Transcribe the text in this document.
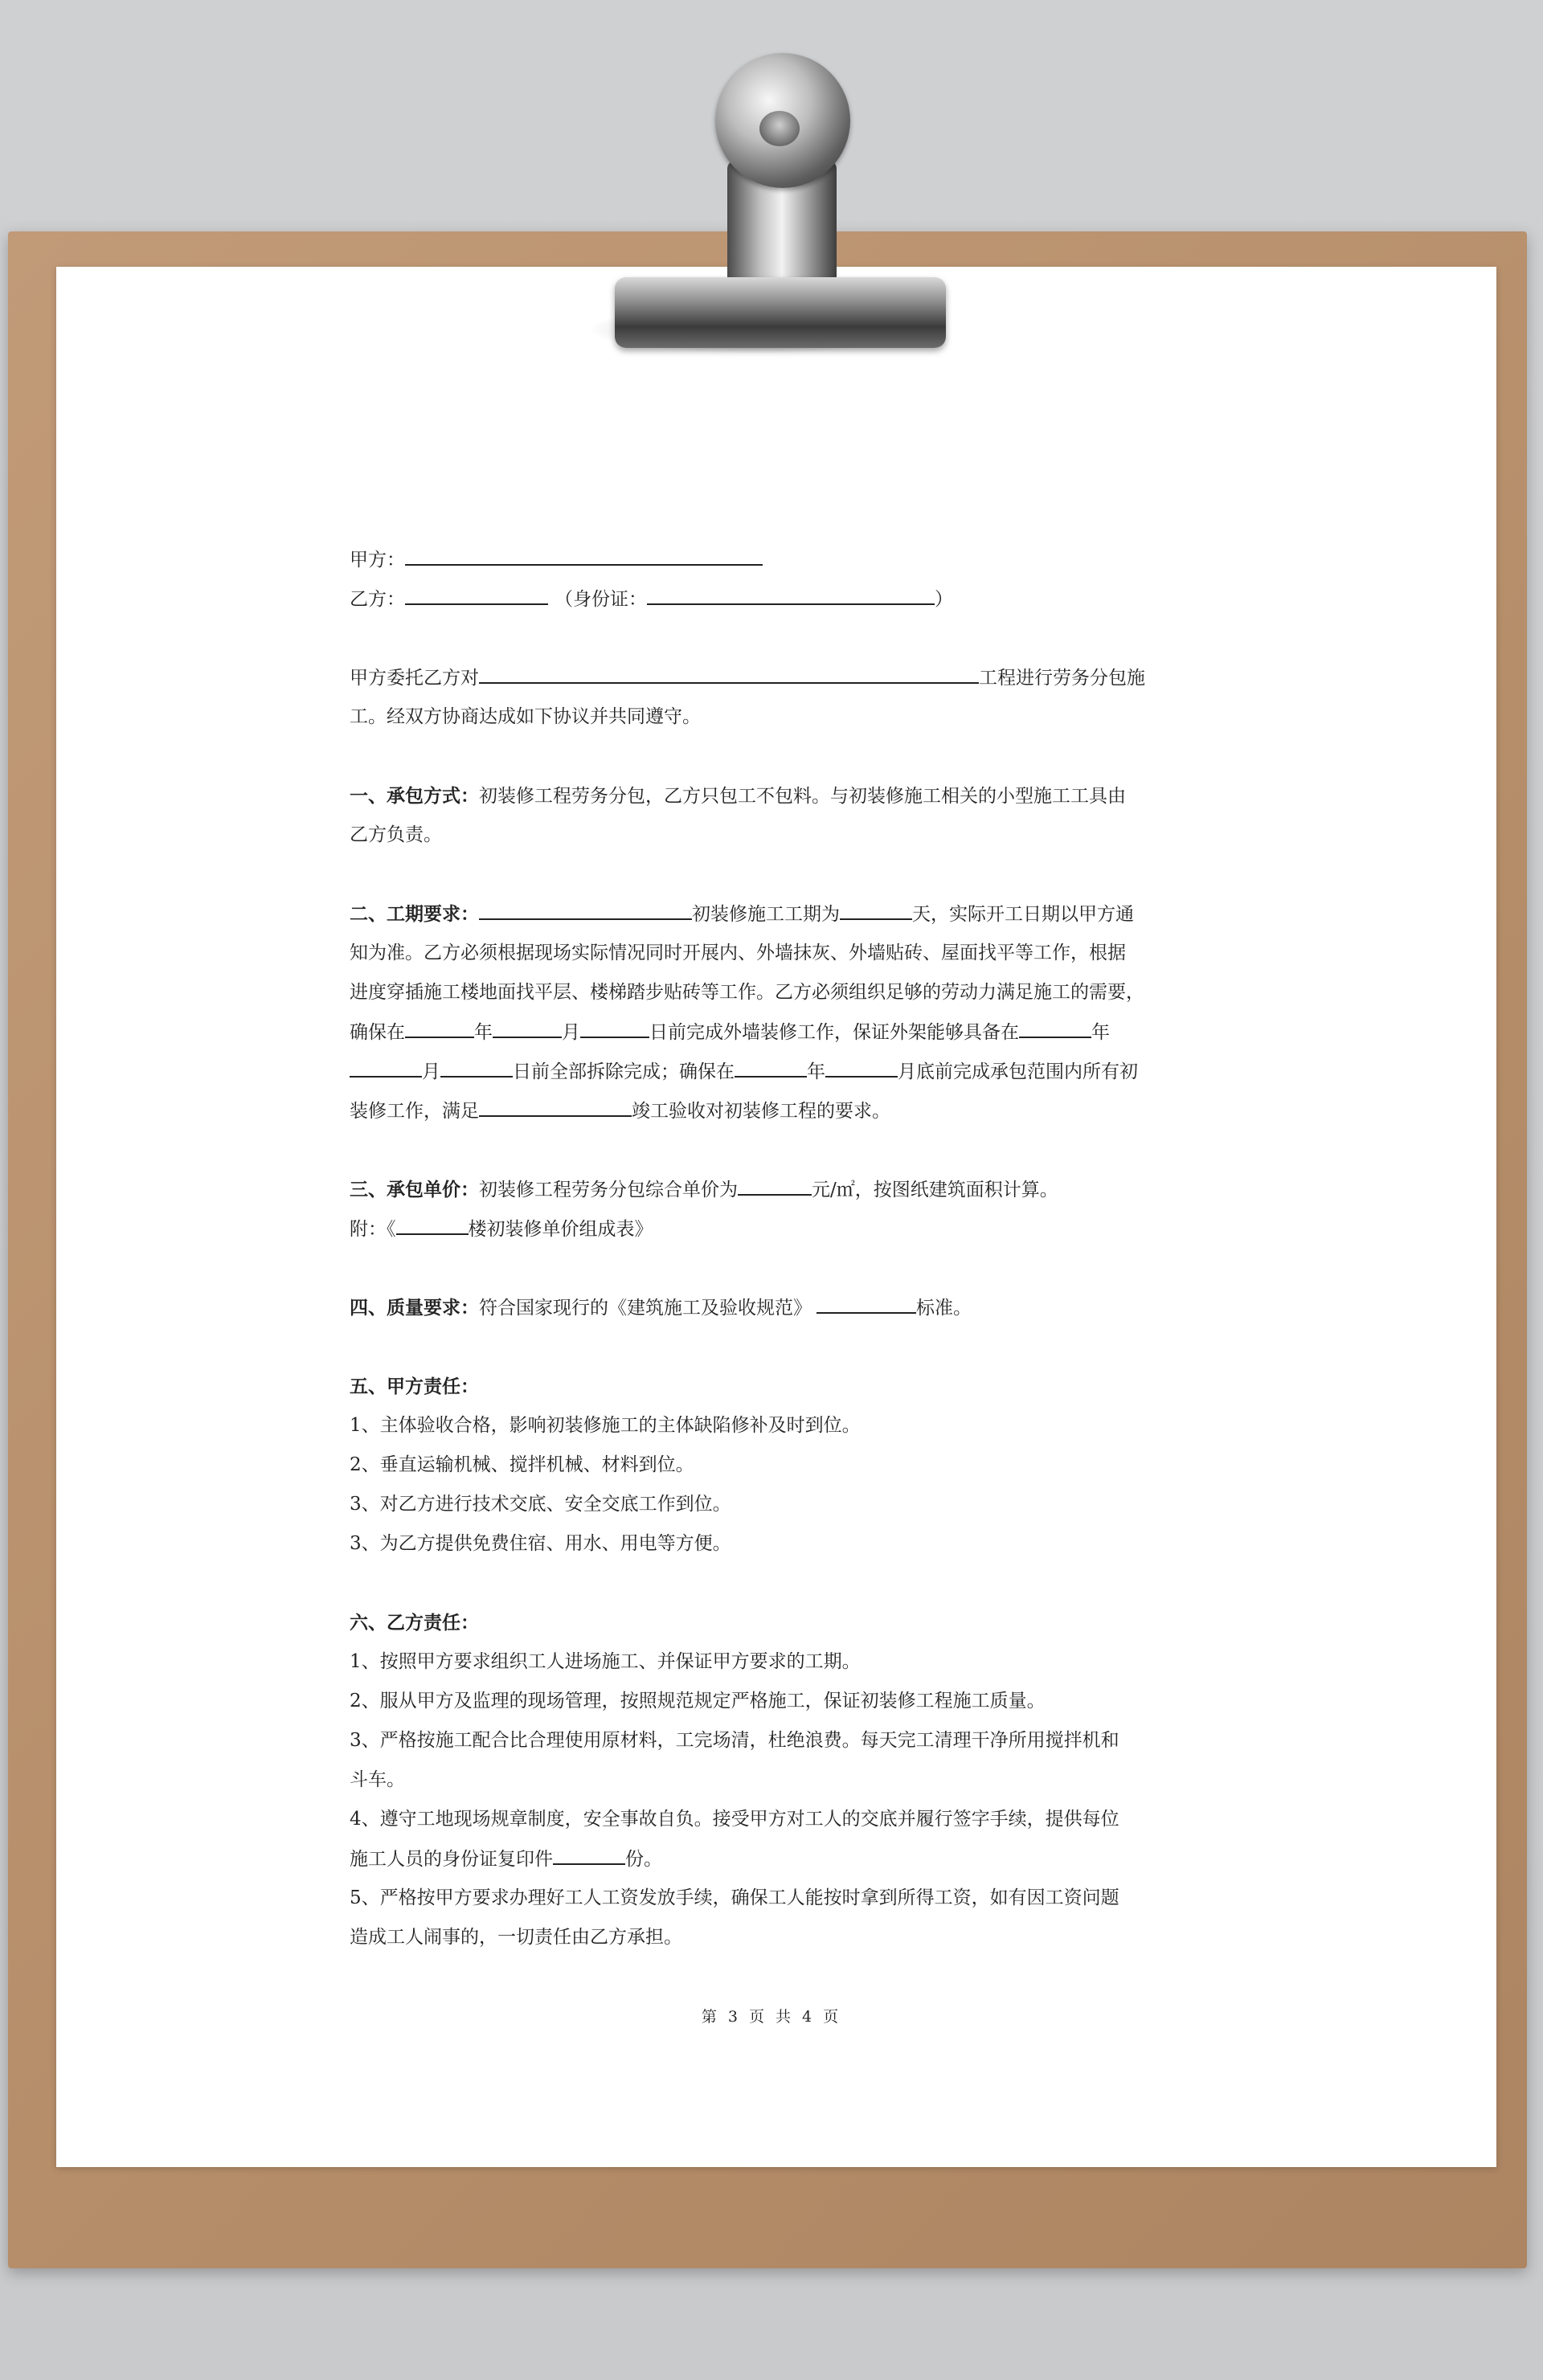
甲方：
乙方：	（身份证：	）
甲方委托乙方对	工程进行劳务分包施
工。经双方协商达成如下协议并共同遵守。
一、承包方式：初装修工程劳务分包，乙方只包工不包料。与初装修施工相关的小型施工工具由
乙方负责。
二、工期要求：	初装修施工工期为	天，实际开工日期以甲方通
知为准。乙方必须根据现场实际情况同时开展内、外墙抹灰、外墙贴砖、屋面找平等工作，根据
进度穿插施工楼地面找平层、楼梯踏步贴砖等工作。乙方必须组织足够的劳动力满足施工的需要，
确保在	年	月	日前完成外墙装修工作，保证外架能够具备在	年
月	日前全部拆除完成；确保在	年	月底前完成承包范围内所有初
装修工作，满足	竣工验收对初装修工程的要求。
三、承包单价：初装修工程劳务分包综合单价为	元/㎡，按图纸建筑面积计算。
附：《	楼初装修单价组成表》
四、质量要求：符合国家现行的《建筑施工及验收规范》	标准。
五、甲方责任：
1、主体验收合格，影响初装修施工的主体缺陷修补及时到位。
2、垂直运输机械、搅拌机械、材料到位。
3、对乙方进行技术交底、安全交底工作到位。
3、为乙方提供免费住宿、用水、用电等方便。
六、乙方责任：
1、按照甲方要求组织工人进场施工、并保证甲方要求的工期。
2、服从甲方及监理的现场管理，按照规范规定严格施工，保证初装修工程施工质量。
3、严格按施工配合比合理使用原材料，工完场清，杜绝浪费。每天完工清理干净所用搅拌机和
斗车。
4、遵守工地现场规章制度，安全事故自负。接受甲方对工人的交底并履行签字手续，提供每位
施工人员的身份证复印件	份。
5、严格按甲方要求办理好工人工资发放手续，确保工人能按时拿到所得工资，如有因工资问题
造成工人闹事的，一切责任由乙方承担。
第 3 页 共 4 页
